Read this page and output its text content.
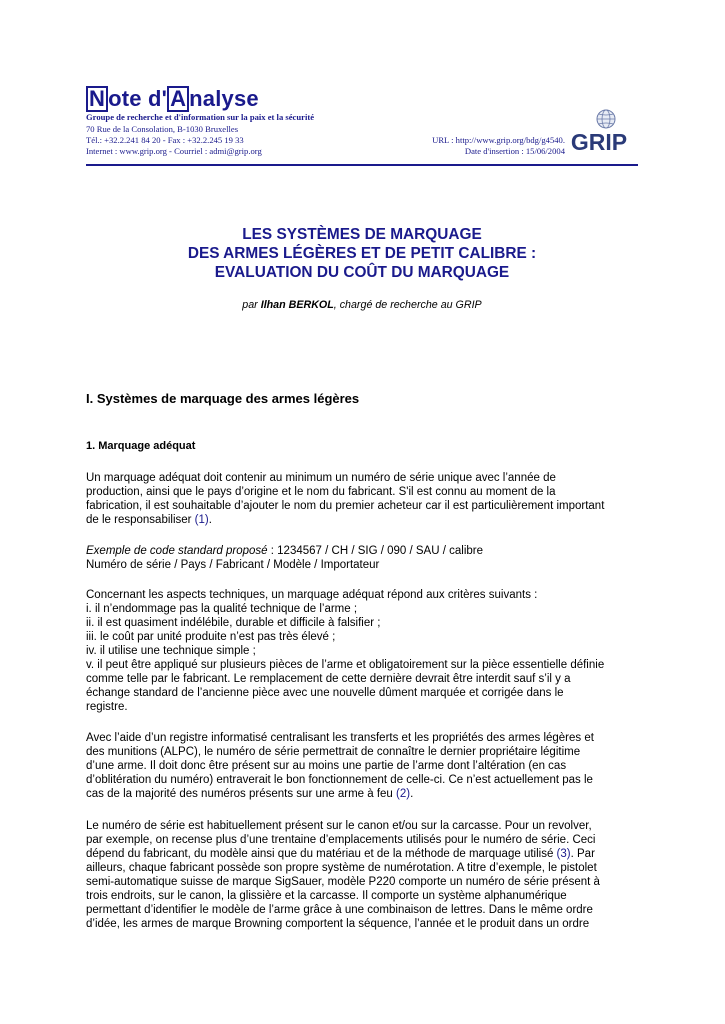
N ote d' A nalyse
Groupe de recherche et d'information sur la paix et la sécurité
70 Rue de la Consolation, B-1030 Bruxelles
Tél.: +32.2.241 84 20 - Fax : +32.2.245 19 33
Internet : www.grip.org - Courriel : admi@grip.org
URL : http://www.grip.org/bdg/g4540.
Date d'insertion : 15/06/2004 GRIP
LES SYSTÈMES DE MARQUAGE
DES ARMES LÉGÈRES ET DE PETIT CALIBRE :
EVALUATION DU COÛT DU MARQUAGE
par Ilhan BERKOL, chargé de recherche au GRIP
I. Systèmes de marquage des armes légères
1. Marquage adéquat
Un marquage adéquat doit contenir au minimum un numéro de série unique avec l’année de
production, ainsi que le pays d’origine et le nom du fabricant. S'il est connu au moment de la
fabrication, il est souhaitable d’ajouter le nom du premier acheteur car il est particulièrement important
de le responsabiliser (1).
Exemple de code standard proposé : 1234567 / CH / SIG / 090 / SAU / calibre
Numéro de série / Pays / Fabricant / Modèle / Importateur
Concernant les aspects techniques, un marquage adéquat répond aux critères suivants :
i. il n’endommage pas la qualité technique de l’arme ;
ii. il est quasiment indélébile, durable et difficile à falsifier ;
iii. le coût par unité produite n’est pas très élevé ;
iv. il utilise une technique simple ;
v. il peut être appliqué sur plusieurs pièces de l’arme et obligatoirement sur la pièce essentielle définie
comme telle par le fabricant. Le remplacement de cette dernière devrait être interdit sauf s’il y a
échange standard de l’ancienne pièce avec une nouvelle dûment marquée et corrigée dans le
registre.
Avec l’aide d’un registre informatisé centralisant les transferts et les propriétés des armes légères et
des munitions (ALPC), le numéro de série permettrait de connaître le dernier propriétaire légitime
d’une arme. Il doit donc être présent sur au moins une partie de l’arme dont l’altération (en cas
d’oblitération du numéro) entraverait le bon fonctionnement de celle-ci. Ce n’est actuellement pas le
cas de la majorité des numéros présents sur une arme à feu (2).
Le numéro de série est habituellement présent sur le canon et/ou sur la carcasse. Pour un revolver,
par exemple, on recense plus d’une trentaine d’emplacements utilisés pour le numéro de série. Ceci
dépend du fabricant, du modèle ainsi que du matériau et de la méthode de marquage utilisé (3). Par
ailleurs, chaque fabricant possède son propre système de numérotation. A titre d’exemple, le pistolet
semi-automatique suisse de marque SigSauer, modèle P220 comporte un numéro de série présent à
trois endroits, sur le canon, la glissière et la carcasse. Il comporte un système alphanumérique
permettant d’identifier le modèle de l’arme grâce à une combinaison de lettres. Dans le même ordre
d’idée, les armes de marque Browning comportent la séquence, l’année et le produit dans un ordre
